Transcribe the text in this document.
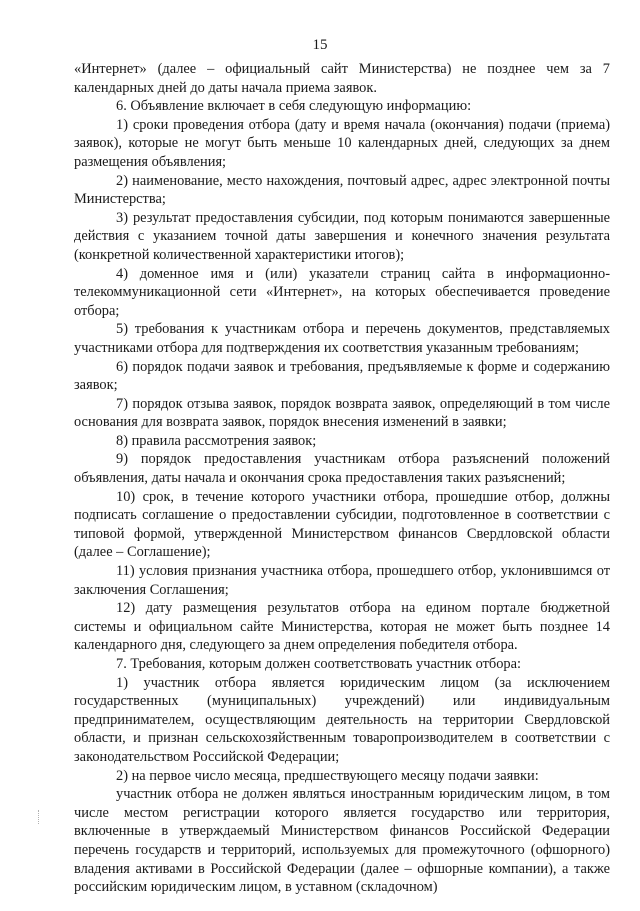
15

«Интернет» (далее – официальный сайт Министерства) не позднее чем за 7 календарных дней до даты начала приема заявок.

6. Объявление включает в себя следующую информацию:

1) сроки проведения отбора (дату и время начала (окончания) подачи (приема) заявок), которые не могут быть меньше 10 календарных дней, следующих за днем размещения объявления;

2) наименование, место нахождения, почтовый адрес, адрес электронной почты Министерства;

3) результат предоставления субсидии, под которым понимаются завершенные действия с указанием точной даты завершения и конечного значения результата (конкретной количественной характеристики итогов);

4) доменное имя и (или) указатели страниц сайта в информационно-телекоммуникационной сети «Интернет», на которых обеспечивается проведение отбора;

5) требования к участникам отбора и перечень документов, представляемых участниками отбора для подтверждения их соответствия указанным требованиям;

6) порядок подачи заявок и требования, предъявляемые к форме и содержанию заявок;

7) порядок отзыва заявок, порядок возврата заявок, определяющий в том числе основания для возврата заявок, порядок внесения изменений в заявки;

8) правила рассмотрения заявок;

9) порядок предоставления участникам отбора разъяснений положений объявления, даты начала и окончания срока предоставления таких разъяснений;

10) срок, в течение которого участники отбора, прошедшие отбор, должны подписать соглашение о предоставлении субсидии, подготовленное в соответствии с типовой формой, утвержденной Министерством финансов Свердловской области (далее – Соглашение);

11) условия признания участника отбора, прошедшего отбор, уклонившимся от заключения Соглашения;

12) дату размещения результатов отбора на едином портале бюджетной системы и официальном сайте Министерства, которая не может быть позднее 14 календарного дня, следующего за днем определения победителя отбора.

7. Требования, которым должен соответствовать участник отбора:

1) участник отбора является юридическим лицом (за исключением государственных (муниципальных) учреждений) или индивидуальным предпринимателем, осуществляющим деятельность на территории Свердловской области, и признан сельскохозяйственным товаропроизводителем в соответствии с законодательством Российской Федерации;

2) на первое число месяца, предшествующего месяцу подачи заявки:

участник отбора не должен являться иностранным юридическим лицом, в том числе местом регистрации которого является государство или территория, включенные в утверждаемый Министерством финансов Российской Федерации перечень государств и территорий, используемых для промежуточного (офшорного) владения активами в Российской Федерации (далее – офшорные компании), а также российским юридическим лицом, в уставном (складочном)
